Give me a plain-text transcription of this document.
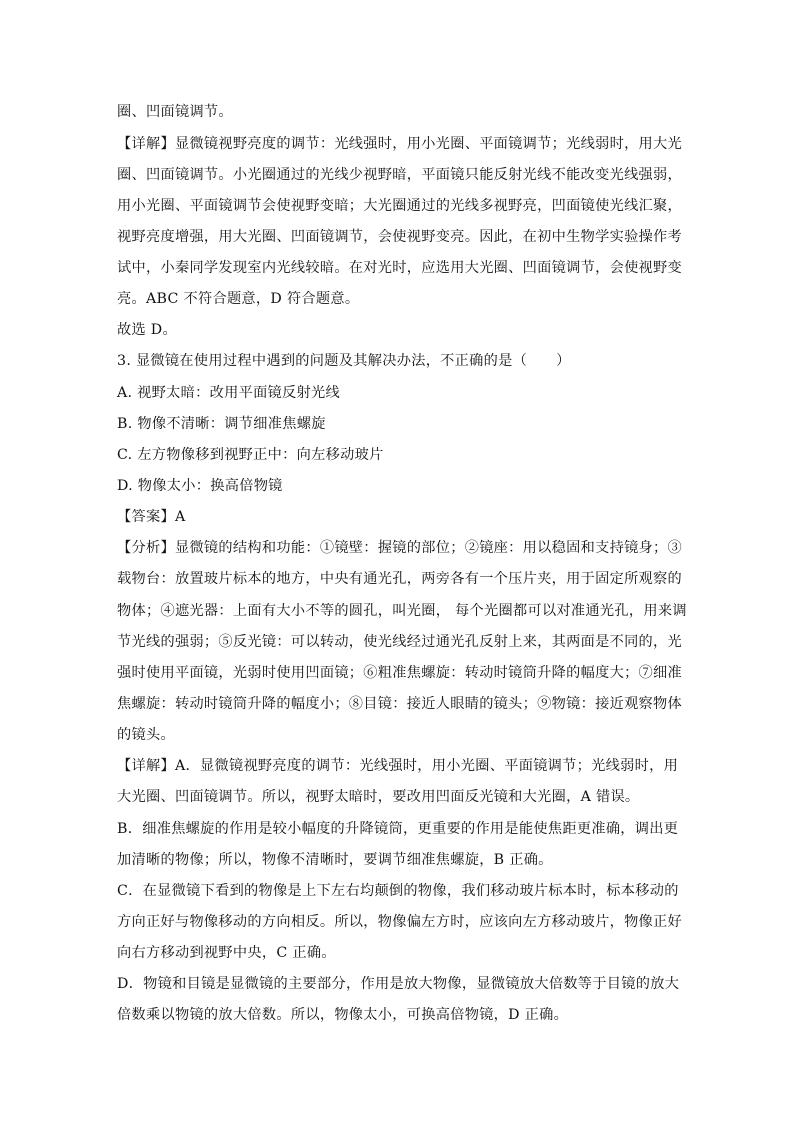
圈、凹面镜调节。
【详解】显微镜视野亮度的调节：光线强时，用小光圈、平面镜调节；光线弱时，用大光
圈、凹面镜调节。小光圈通过的光线少视野暗，平面镜只能反射光线不能改变光线强弱，
用小光圈、平面镜调节会使视野变暗；大光圈通过的光线多视野亮，凹面镜使光线汇聚，
视野亮度增强，用大光圈、凹面镜调节，会使视野变亮。因此，在初中生物学实验操作考
试中，小秦同学发现室内光线较暗。在对光时，应选用大光圈、凹面镜调节，会使视野变
亮。ABC 不符合题意，D 符合题意。
故选 D。
3. 显微镜在使用过程中遇到的问题及其解决办法，不正确的是（　　）
A. 视野太暗：改用平面镜反射光线
B. 物像不清晰：调节细准焦螺旋
C. 左方物像移到视野正中：向左移动玻片
D. 物像太小：换高倍物镜
【答案】A
【分析】显微镜的结构和功能：①镜壁：握镜的部位；②镜座：用以稳固和支持镜身；③
载物台：放置玻片标本的地方，中央有通光孔，两旁各有一个压片夹，用于固定所观察的
物体；④遮光器：上面有大小不等的圆孔，叫光圈， 每个光圈都可以对准通光孔，用来调
节光线的强弱；⑤反光镜：可以转动，使光线经过通光孔反射上来，其两面是不同的，光
强时使用平面镜，光弱时使用凹面镜；⑥粗准焦螺旋：转动时镜筒升降的幅度大；⑦细准
焦螺旋：转动时镜筒升降的幅度小；⑧目镜：接近人眼睛的镜头；⑨物镜：接近观察物体
的镜头。
【详解】A．显微镜视野亮度的调节：光线强时，用小光圈、平面镜调节；光线弱时，用
大光圈、凹面镜调节。所以，视野太暗时，要改用凹面反光镜和大光圈，A 错误。
B．细准焦螺旋的作用是较小幅度的升降镜筒，更重要的作用是能使焦距更准确，调出更
加清晰的物像；所以，物像不清晰时，要调节细准焦螺旋，B 正确。
C．在显微镜下看到的物像是上下左右均颠倒的物像，我们移动玻片标本时，标本移动的
方向正好与物像移动的方向相反。所以，物像偏左方时，应该向左方移动玻片，物像正好
向右方移动到视野中央，C 正确。
D．物镜和目镜是显微镜的主要部分，作用是放大物像，显微镜放大倍数等于目镜的放大
倍数乘以物镜的放大倍数。所以，物像太小，可换高倍物镜，D 正确。
